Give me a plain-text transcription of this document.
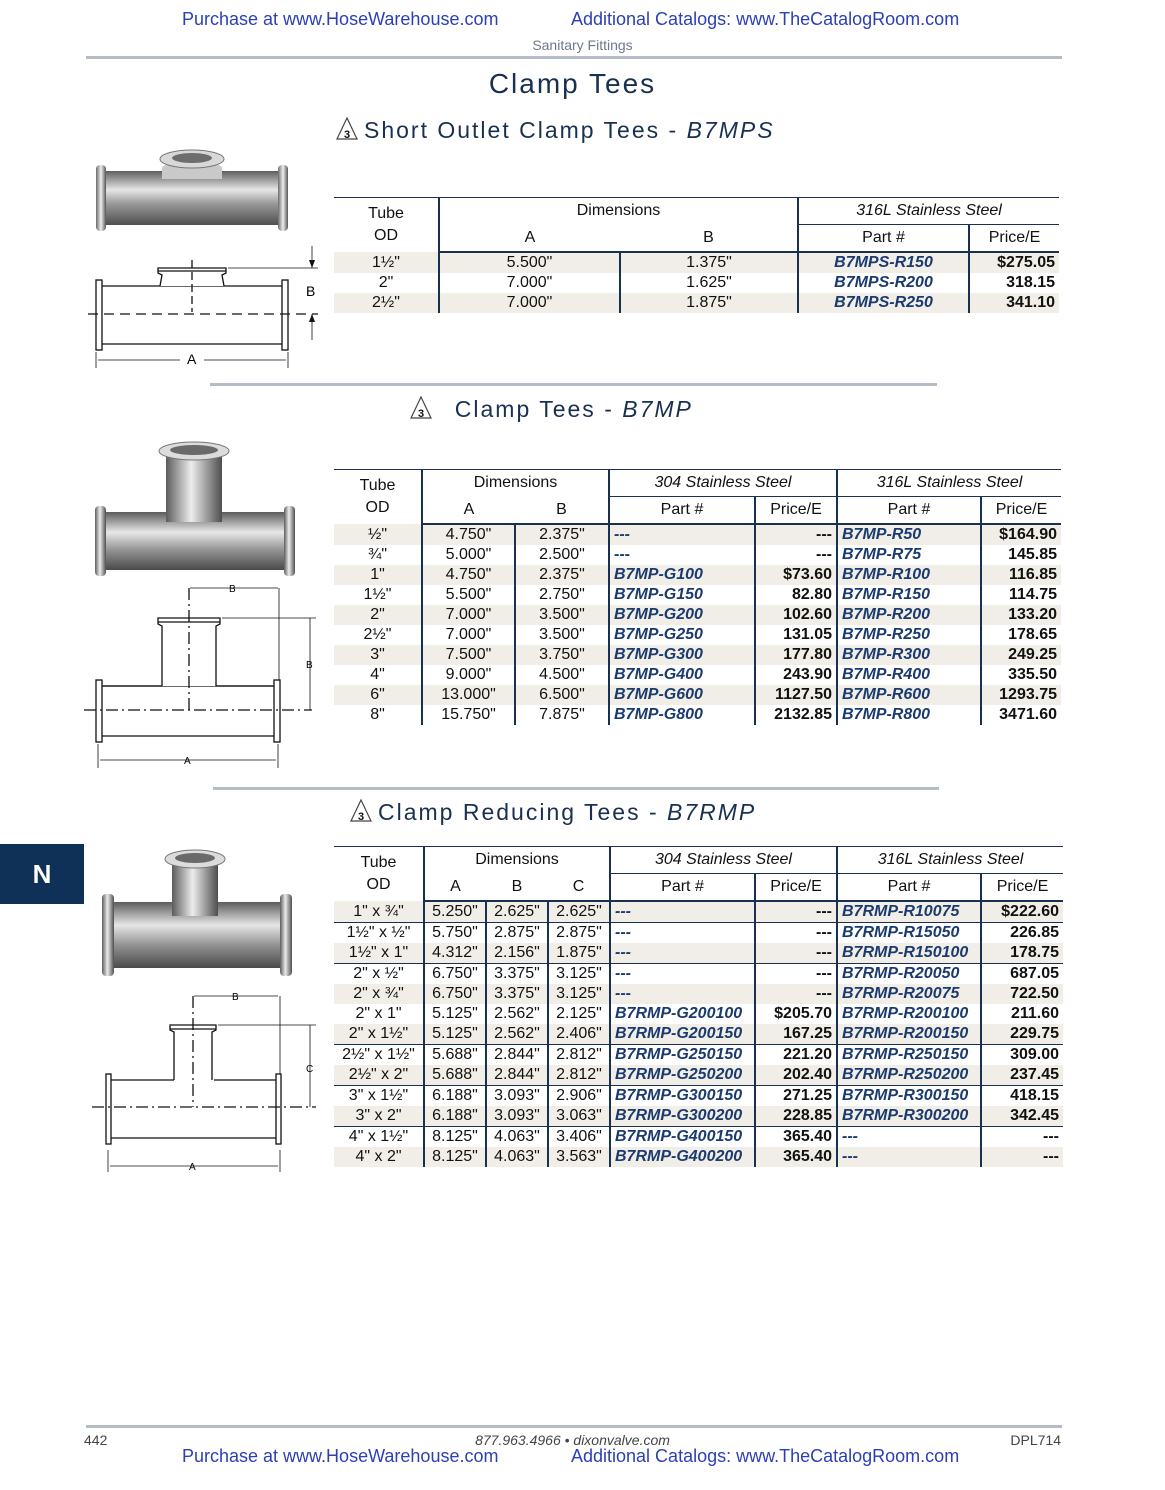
Purchase at www.HoseWarehouse.com	Additional Catalogs: www.TheCatalogRoom.com
Sanitary Fittings
Clamp Tees
3 Short Outlet Clamp Tees - B7MPS
B
A
Tube
OD	Dimensions		316L Stainless Steel	
	A	B	Part #	Price/E
1½"	5.500"	1.375"	B7MPS-R150	$275.05
2"	7.000"	1.625"	B7MPS-R200	318.15
2½"	7.000"	1.875"	B7MPS-R250	341.10
3 Clamp Tees - B7MP
B
B
A
Tube
OD	Dimensions		304 Stainless Steel		316L Stainless Steel	
	A	B	Part #	Price/E	Part #	Price/E
½"	4.750"	2.375"	---	---	B7MP-R50	$164.90
¾"	5.000"	2.500"	---	---	B7MP-R75	145.85
1"	4.750"	2.375"	B7MP-G100	$73.60	B7MP-R100	116.85
1½"	5.500"	2.750"	B7MP-G150	82.80	B7MP-R150	114.75
2"	7.000"	3.500"	B7MP-G200	102.60	B7MP-R200	133.20
2½"	7.000"	3.500"	B7MP-G250	131.05	B7MP-R250	178.65
3"	7.500"	3.750"	B7MP-G300	177.80	B7MP-R300	249.25
4"	9.000"	4.500"	B7MP-G400	243.90	B7MP-R400	335.50
6"	13.000"	6.500"	B7MP-G600	1127.50	B7MP-R600	1293.75
8"	15.750"	7.875"	B7MP-G800	2132.85	B7MP-R800	3471.60
3 Clamp Reducing Tees - B7RMP
N
B
C
A
Tube
OD	Dimensions			304 Stainless Steel		316L Stainless Steel	
	A	B	C	Part #	Price/E	Part #	Price/E
1" x ¾"	5.250"	2.625"	2.625"	---	---	B7RMP-R10075	$222.60
1½" x ½"	5.750"	2.875"	2.875"	---	---	B7RMP-R15050	226.85
1½" x 1"	4.312"	2.156"	1.875"	---	---	B7RMP-R150100	178.75
2" x ½"	6.750"	3.375"	3.125"	---	---	B7RMP-R20050	687.05
2" x ¾"	6.750"	3.375"	3.125"	---	---	B7RMP-R20075	722.50
2" x 1"	5.125"	2.562"	2.125"	B7RMP-G200100	$205.70	B7RMP-R200100	211.60
2" x 1½"	5.125"	2.562"	2.406"	B7RMP-G200150	167.25	B7RMP-R200150	229.75
2½" x 1½"	5.688"	2.844"	2.812"	B7RMP-G250150	221.20	B7RMP-R250150	309.00
2½" x 2"	5.688"	2.844"	2.812"	B7RMP-G250200	202.40	B7RMP-R250200	237.45
3" x 1½"	6.188"	3.093"	2.906"	B7RMP-G300150	271.25	B7RMP-R300150	418.15
3" x 2"	6.188"	3.093"	3.063"	B7RMP-G300200	228.85	B7RMP-R300200	342.45
4" x 1½"	8.125"	4.063"	3.406"	B7RMP-G400150	365.40	---	---
4" x 2"	8.125"	4.063"	3.563"	B7RMP-G400200	365.40	---	---
442	877.963.4966 • dixonvalve.com	DPL714
Purchase at www.HoseWarehouse.com	Additional Catalogs: www.TheCatalogRoom.com
